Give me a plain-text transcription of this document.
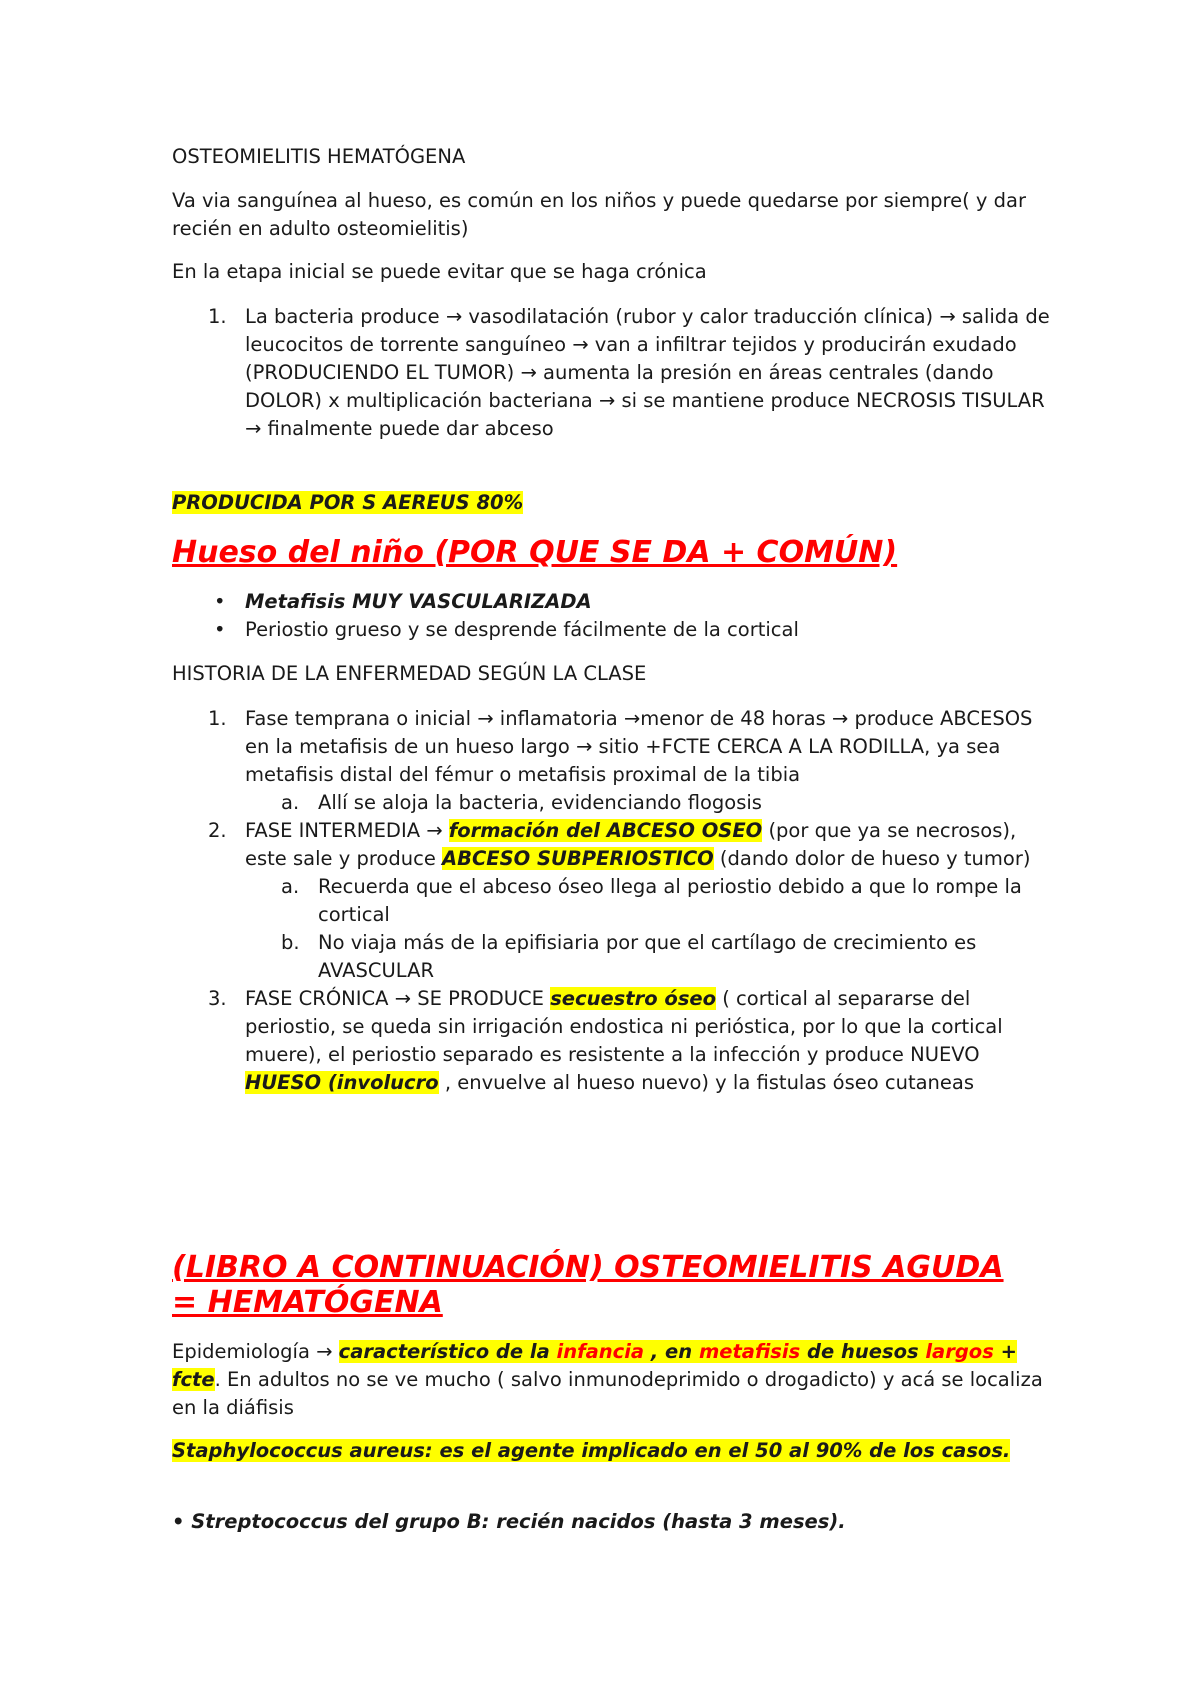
OSTEOMIELITIS HEMATÓGENA

Va via sanguínea al hueso, es común en los niños y puede quedarse por siempre( y dar recién en adulto osteomielitis)

En la etapa inicial se puede evitar que se haga crónica

1. La bacteria produce → vasodilatación (rubor y calor traducción clínica) → salida de leucocitos de torrente sanguíneo → van a infiltrar tejidos y producirán exudado (PRODUCIENDO EL TUMOR) → aumenta la presión en áreas centrales (dando DOLOR) x multiplicación bacteriana → si se mantiene produce NECROSIS TISULAR → finalmente puede dar abceso

PRODUCIDA POR S AEREUS 80%

Hueso del niño (POR QUE SE DA + COMÚN)

• Metafisis MUY VASCULARIZADA
• Periostio grueso y se desprende fácilmente de la cortical

HISTORIA DE LA ENFERMEDAD SEGÚN LA CLASE

1. Fase temprana o inicial → inflamatoria →menor de 48 horas → produce ABCESOS en la metafisis de un hueso largo → sitio +FCTE CERCA A LA RODILLA, ya sea metafisis distal del fémur o metafisis proximal de la tibia
a. Allí se aloja la bacteria, evidenciando flogosis
2. FASE INTERMEDIA → formación del ABCESO OSEO (por que ya se necrosos), este sale y produce ABCESO SUBPERIOSTICO (dando dolor de hueso y tumor)
a. Recuerda que el abceso óseo llega al periostio debido a que lo rompe la cortical
b. No viaja más de la epifisiaria por que el cartílago de crecimiento es AVASCULAR
3. FASE CRÓNICA → SE PRODUCE secuestro óseo ( cortical al separarse del periostio, se queda sin irrigación endostica ni perióstica, por lo que la cortical muere), el periostio separado es resistente a la infección y produce NUEVO HUESO (involucro , envuelve al hueso nuevo) y la fistulas óseo cutaneas

(LIBRO A CONTINUACIÓN) OSTEOMIELITIS AGUDA = HEMATÓGENA

Epidemiología → característico de la infancia , en metafisis de huesos largos + fcte. En adultos no se ve mucho ( salvo inmunodeprimido o drogadicto) y acá se localiza en la diáfisis

Staphylococcus aureus: es el agente implicado en el 50 al 90% de los casos.

• Streptococcus del grupo B: recién nacidos (hasta 3 meses).
